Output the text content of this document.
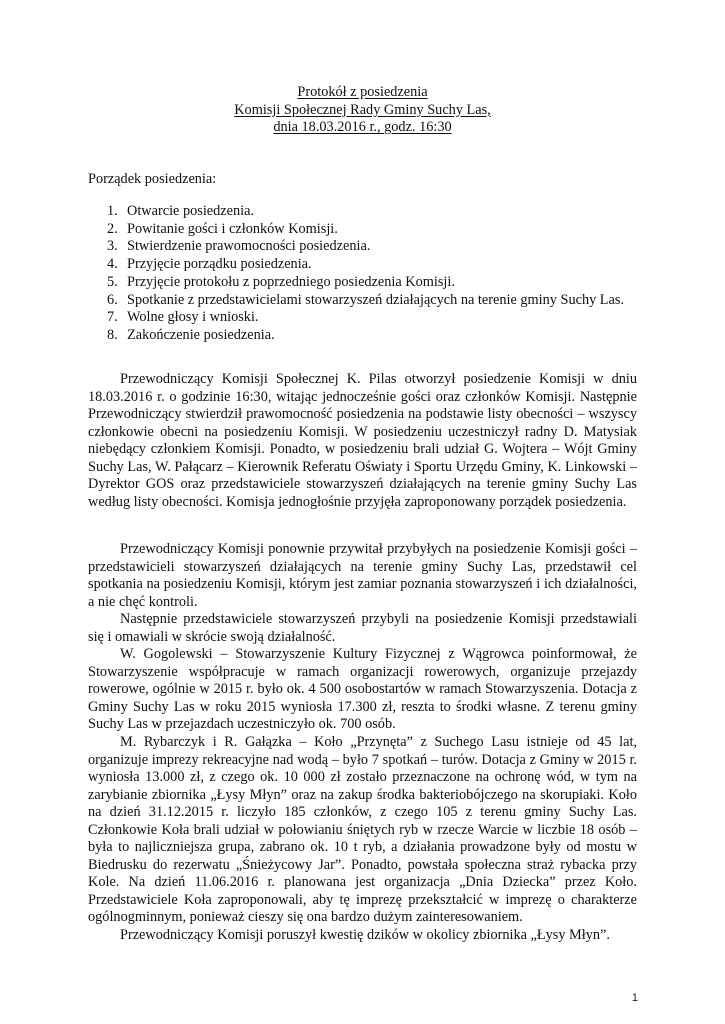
Protokół z posiedzenia
Komisji Społecznej Rady Gminy Suchy Las,
dnia 18.03.2016 r., godz. 16:30
Porządek posiedzenia:
1. Otwarcie posiedzenia.
2. Powitanie gości i członków Komisji.
3. Stwierdzenie prawomocności posiedzenia.
4. Przyjęcie porządku posiedzenia.
5. Przyjęcie protokołu z poprzedniego posiedzenia Komisji.
6. Spotkanie z przedstawicielami stowarzyszeń działających na terenie gminy Suchy Las.
7. Wolne głosy i wnioski.
8. Zakończenie posiedzenia.

Przewodniczący Komisji Społecznej K. Pilas otworzył posiedzenie Komisji w dniu 18.03.2016 r. o godzinie 16:30, witając jednocześnie gości oraz członków Komisji. Następnie Przewodniczący stwierdził prawomocność posiedzenia na podstawie listy obecności – wszyscy członkowie obecni na posiedzeniu Komisji. W posiedzeniu uczestniczył radny D. Matysiak niebędący członkiem Komisji. Ponadto, w posiedzeniu brali udział G. Wojtera – Wójt Gminy Suchy Las, W. Pałącarz – Kierownik Referatu Oświaty i Sportu Urzędu Gminy, K. Linkowski – Dyrektor GOS oraz przedstawiciele stowarzyszeń działających na terenie gminy Suchy Las według listy obecności. Komisja jednogłośnie przyjęła zaproponowany porządek posiedzenia.

Przewodniczący Komisji ponownie przywitał przybyłych na posiedzenie Komisji gości – przedstawicieli stowarzyszeń działających na terenie gminy Suchy Las, przedstawił cel spotkania na posiedzeniu Komisji, którym jest zamiar poznania stowarzyszeń i ich działalności, a nie chęć kontroli.

Następnie przedstawiciele stowarzyszeń przybyli na posiedzenie Komisji przedstawiali się i omawiali w skrócie swoją działalność.

W. Gogolewski – Stowarzyszenie Kultury Fizycznej z Wągrowca poinformował, że Stowarzyszenie współpracuje w ramach organizacji rowerowych, organizuje przejazdy rowerowe, ogólnie w 2015 r. było ok. 4 500 osobostartów w ramach Stowarzyszenia. Dotacja z Gminy Suchy Las w roku 2015 wyniosła 17.300 zł, reszta to środki własne. Z terenu gminy Suchy Las w przejazdach uczestniczyło ok. 700 osób.

M. Rybarczyk i R. Gałązka – Koło „Przynęta” z Suchego Lasu istnieje od 45 lat, organizuje imprezy rekreacyjne nad wodą – było 7 spotkań – turów. Dotacja z Gminy w 2015 r. wyniosła 13.000 zł, z czego ok. 10 000 zł zostało przeznaczone na ochronę wód, w tym na zarybianie zbiornika „Łysy Młyn” oraz na zakup środka bakteriobójczego na skorupiaki. Koło na dzień 31.12.2015 r. liczyło 185 członków, z czego 105 z terenu gminy Suchy Las. Członkowie Koła brali udział w połowianiu śniętych ryb w rzecze Warcie w liczbie 18 osób – była to najliczniejsza grupa, zabrano ok. 10 t ryb, a działania prowadzone były od mostu w Biedrusku do rezerwatu „Śnieżycowy Jar”. Ponadto, powstała społeczna straż rybacka przy Kole. Na dzień 11.06.2016 r. planowana jest organizacja „Dnia Dziecka” przez Koło. Przedstawiciele Koła zaproponowali, aby tę imprezę przekształcić w imprezę o charakterze ogólnogminnym, ponieważ cieszy się ona bardzo dużym zainteresowaniem.

Przewodniczący Komisji poruszył kwestię dzików w okolicy zbiornika „Łysy Młyn”.

1
